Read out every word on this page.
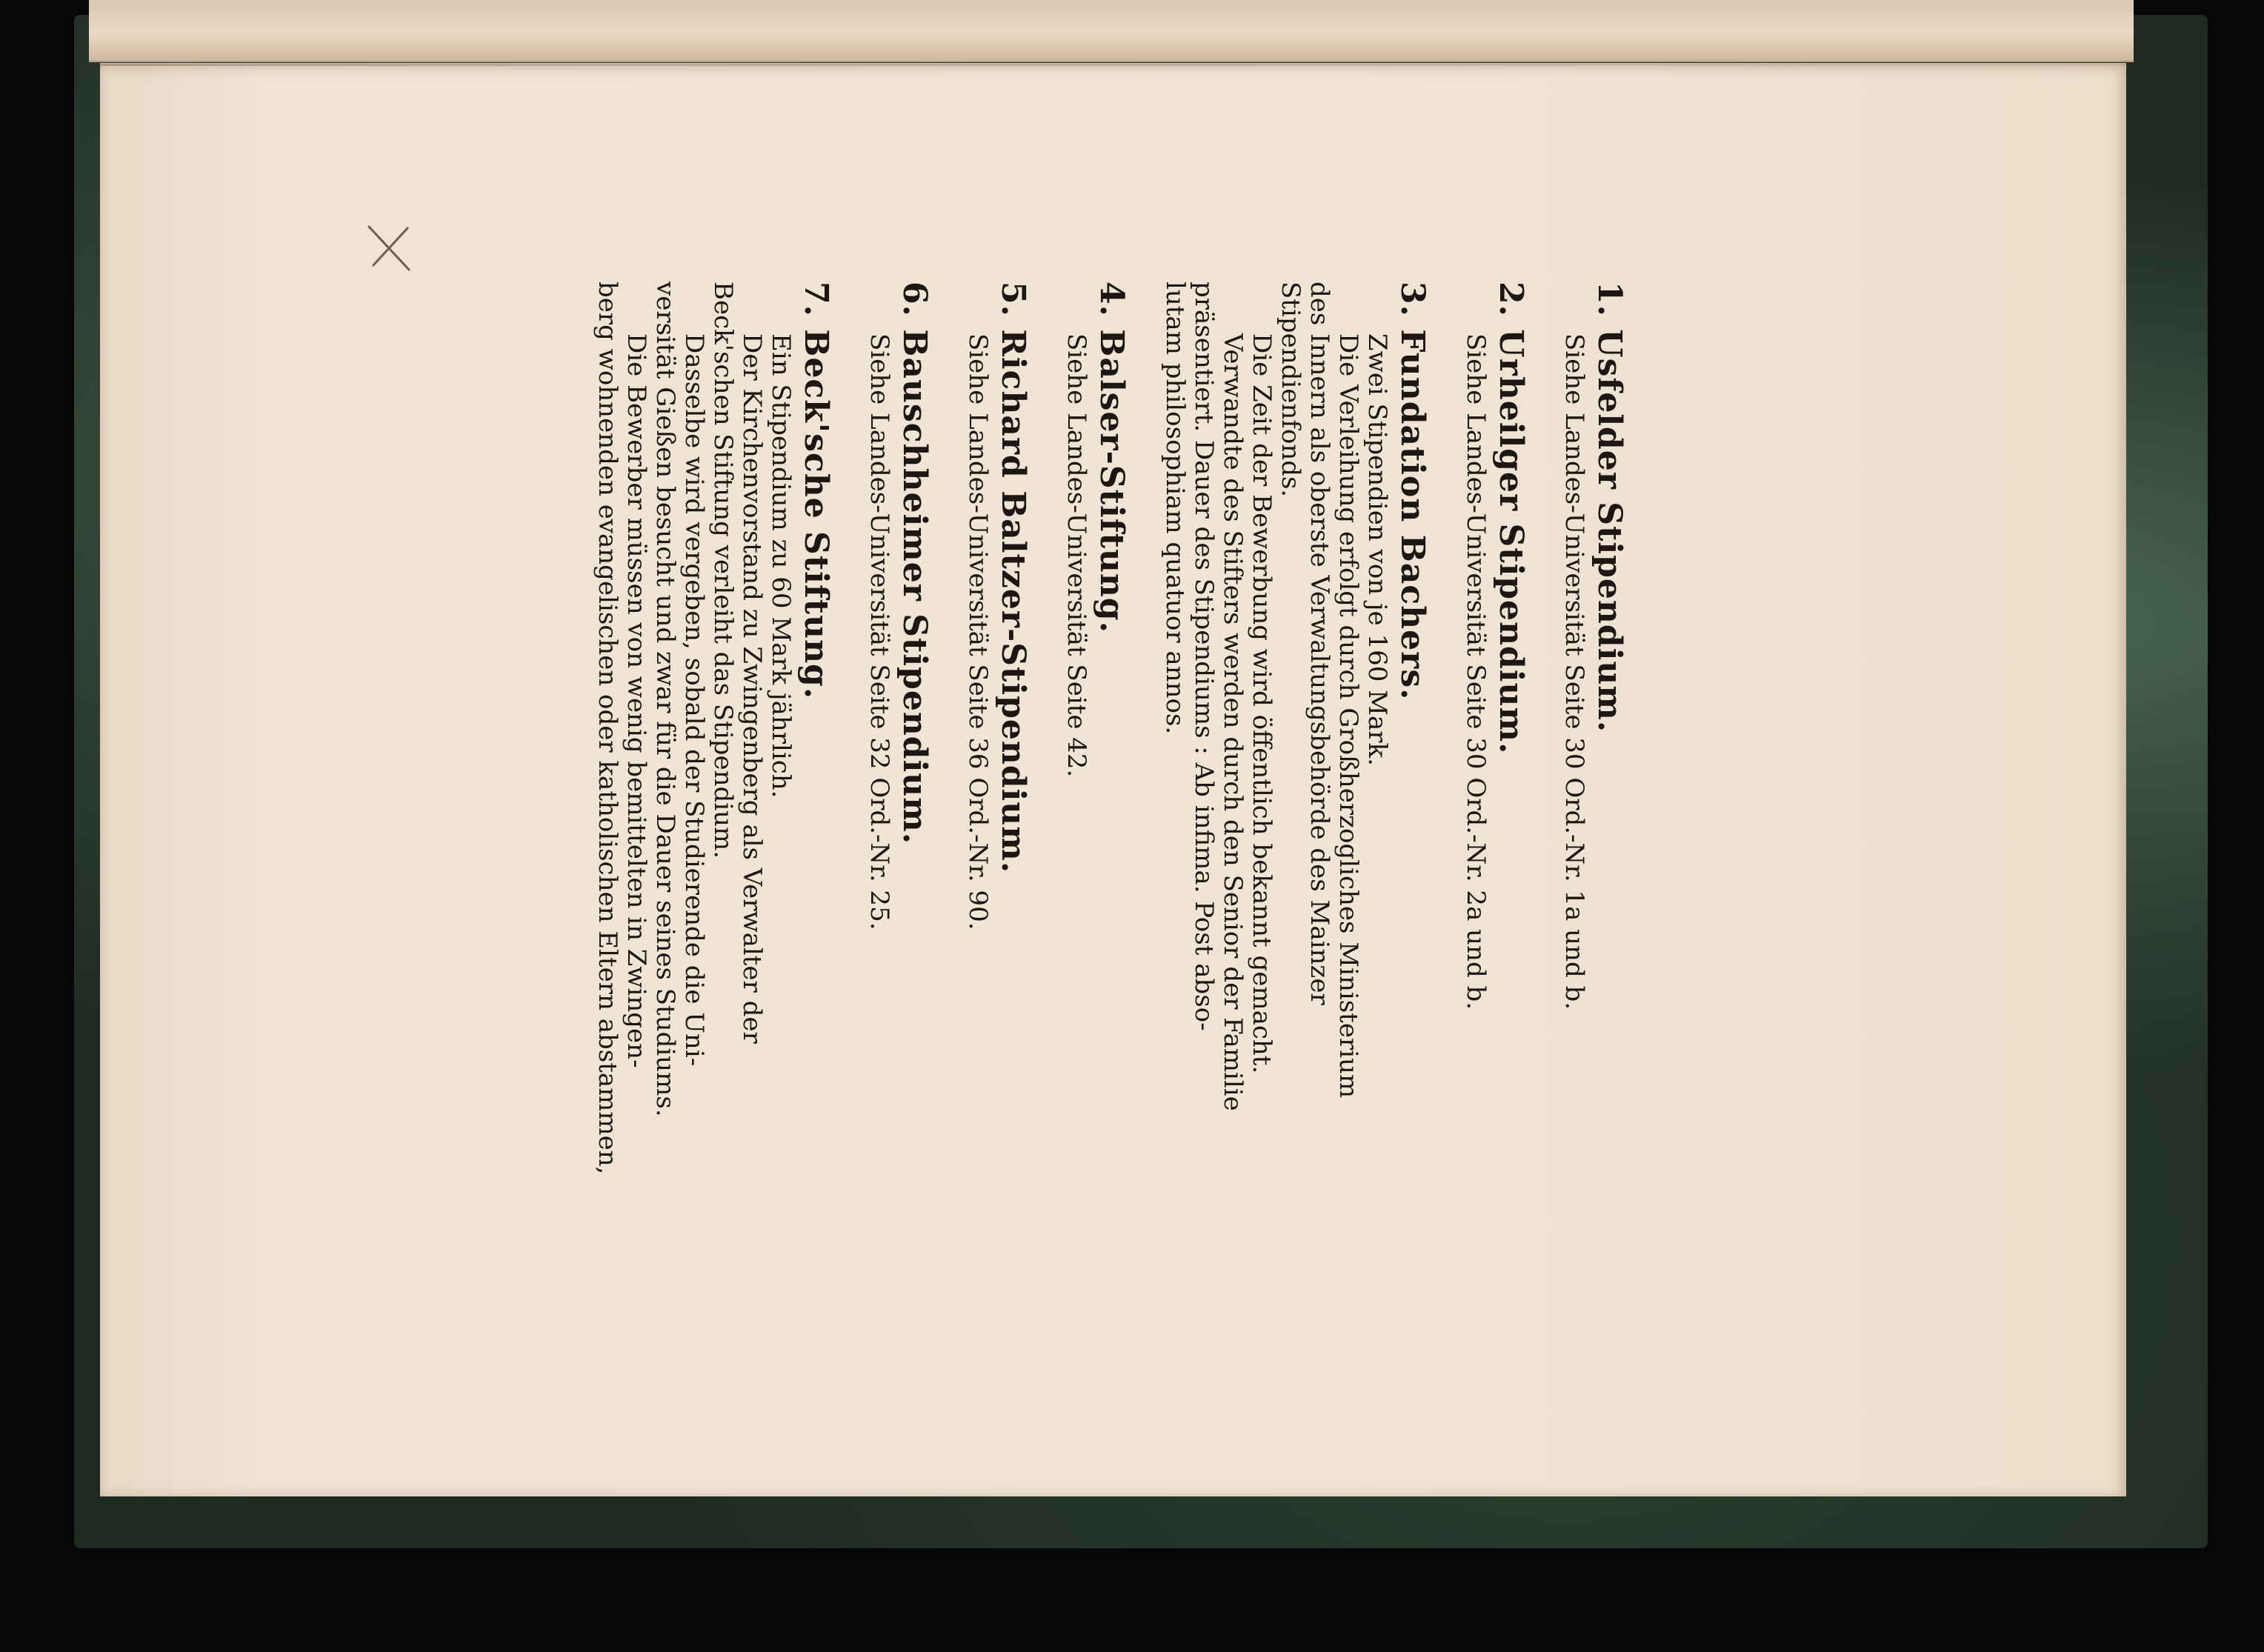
1. Usfelder Stipendium.
Siehe Landes-Universität Seite 30 Ord.-Nr. 1a und b.
2. Urheilger Stipendium.
Siehe Landes-Universität Seite 30 Ord.-Nr. 2a und b.
3. Fundation Bachers.
Zwei Stipendien von je 160 Mark.
Die Verleihung erfolgt durch Großherzogliches Ministerium
des Innern als oberste Verwaltungsbehörde des Mainzer
Stipendienfonds.
Die Zeit der Bewerbung wird öffentlich bekannt gemacht.
Verwandte des Stifters werden durch den Senior der Familie
präsentiert. Dauer des Stipendiums : Ab infima. Post abso-
lutam philosophiam quatuor annos.
4. Balser-Stiftung.
Siehe Landes-Universität Seite 42.
5. Richard Baltzer-Stipendium.
Siehe Landes-Universität Seite 36 Ord.-Nr. 90.
6. Bauschheimer Stipendium.
Siehe Landes-Universität Seite 32 Ord.-Nr. 25.
7. Beck'sche Stiftung.
Ein Stipendium zu 60 Mark jährlich.
Der Kirchenvorstand zu Zwingenberg als Verwalter der
Beck'schen Stiftung verleiht das Stipendium.
Dasselbe wird vergeben, sobald der Studierende die Uni-
versität Gießen besucht und zwar für die Dauer seines Studiums.
Die Bewerber müssen von wenig bemittelten in Zwingen-
berg wohnenden evangelischen oder katholischen Eltern abstammen,
